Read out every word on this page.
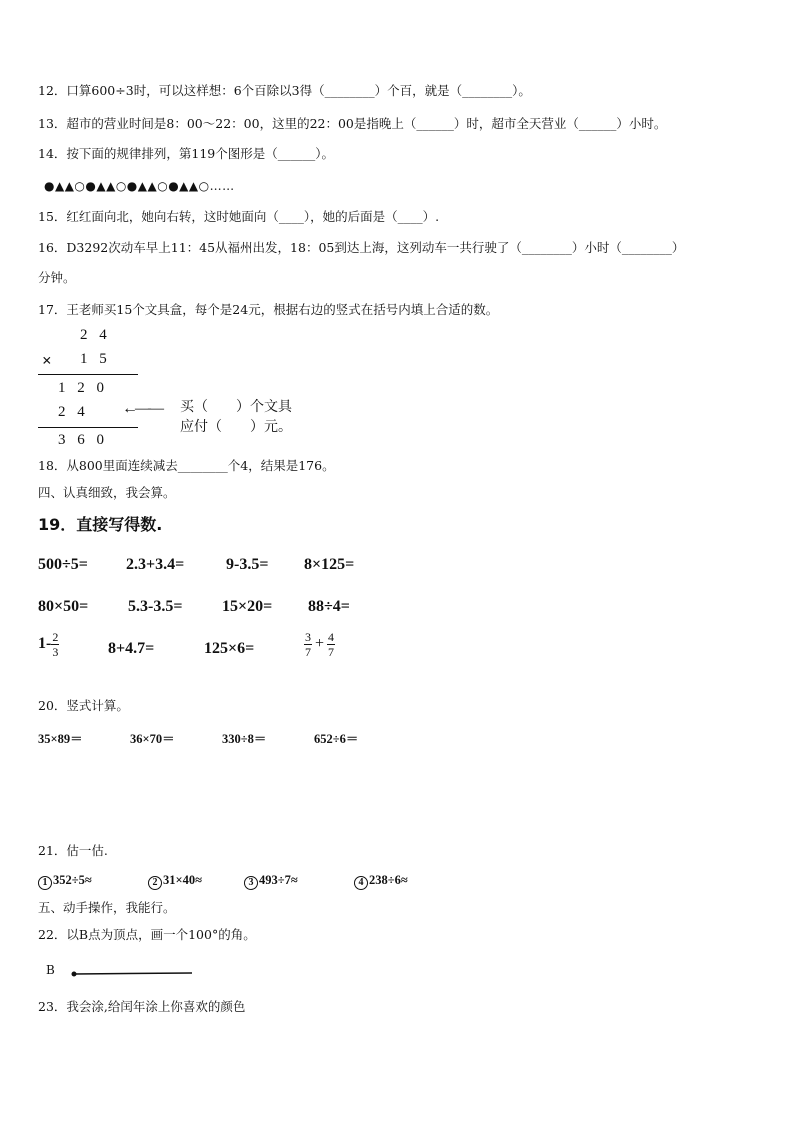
12．口算600÷3时，可以这样想：6个百除以3得（________）个百，就是（________）。
13．超市的营业时间是8：00～22：00，这里的22：00是指晚上（______）时，超市全天营业（______）小时。
14．按下面的规律排列，第119个图形是（______）。
●▲▲○●▲▲○●▲▲○●▲▲○……
15．红红面向北，她向右转，这时她面向（____），她的后面是（____）.
16．D3292次动车早上11：45从福州出发，18：05到达上海，这列动车一共行驶了（________）小时（________）
分钟。
17．王老师买15个文具盒，每个是24元，根据右边的竖式在括号内填上合适的数。
2 4
× 1 5
1 2 0
2 4
3 6 0
←—— 买（　　）个文具
应付（　　）元。
18．从800里面连续减去________个4，结果是176。
四、认真细致，我会算。
19．直接写得数.
500÷5= 2.3+3.4=	9-3.5= 8×125=
80×50= 5.3-3.5= 15×20= 88÷4=
$1- \frac{2}{3}$	8+4.7=	125×6=	$\frac{3}{7} + \frac{4}{7}$
20．竖式计算。
35×89＝	36×70＝	330÷8＝	652÷6＝
21．估一估.
1 352÷5≈	2 31×40≈	3 493÷7≈	4 238÷6≈
五、动手操作，我能行。
22．以B点为顶点，画一个100°的角。
B
23．我会涂,给闰年涂上你喜欢的颜色
